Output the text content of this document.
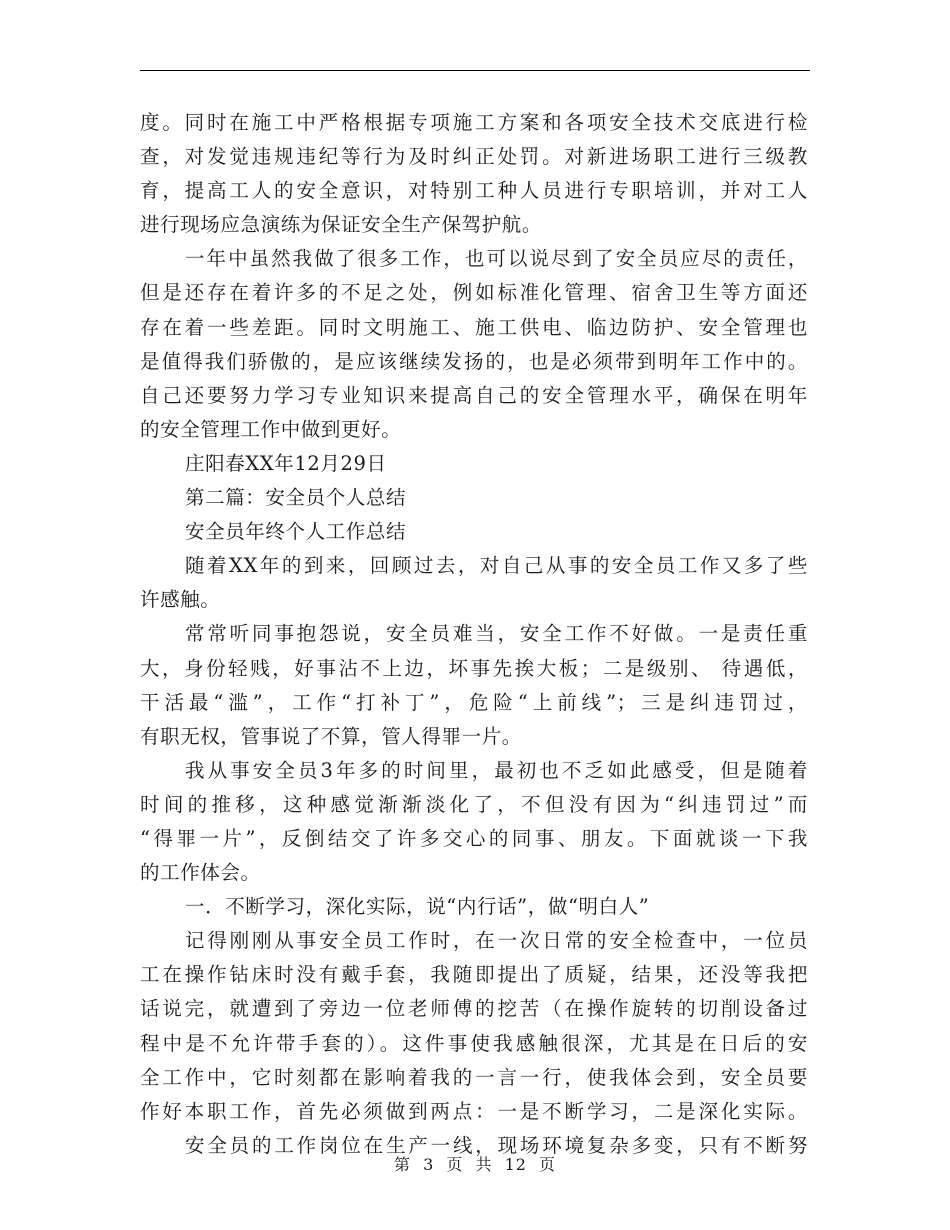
度。同时在施工中严格根据专项施工方案和各项安全技术交底进行检
查，对发觉违规违纪等行为及时纠正处罚。对新进场职工进行三级教
育，提高工人的安全意识，对特别工种人员进行专职培训，并对工人
进行现场应急演练为保证安全生产保驾护航。
一年中虽然我做了很多工作，也可以说尽到了安全员应尽的责任，
但是还存在着许多的不足之处，例如标准化管理、宿舍卫生等方面还
存在着一些差距。同时文明施工、施工供电、临边防护、安全管理也
是值得我们骄傲的，是应该继续发扬的，也是必须带到明年工作中的。
自己还要努力学习专业知识来提高自己的安全管理水平，确保在明年
的安全管理工作中做到更好。
庄阳春XX年12月29日
第二篇：安全员个人总结
安全员年终个人工作总结
随着XX年的到来，回顾过去，对自己从事的安全员工作又多了些
许感触。
常常听同事抱怨说，安全员难当，安全工作不好做。一是责任重
大，身份轻贱，好事沾不上边，坏事先挨大板；二是级别、 待遇低，
干活最“滥”，工作“打补丁”，危险“上前线”；三是纠违罚过，
有职无权，管事说了不算，管人得罪一片。
我从事安全员3年多的时间里，最初也不乏如此感受，但是随着
时间的推移，这种感觉渐渐淡化了，不但没有因为“纠违罚过”而
“得罪一片”，反倒结交了许多交心的同事、朋友。下面就谈一下我
的工作体会。
一．不断学习，深化实际，说“内行话”，做“明白人”
记得刚刚从事安全员工作时，在一次日常的安全检查中，一位员
工在操作钻床时没有戴手套，我随即提出了质疑，结果，还没等我把
话说完，就遭到了旁边一位老师傅的挖苦（在操作旋转的切削设备过
程中是不允许带手套的）。这件事使我感触很深，尤其是在日后的安
全工作中，它时刻都在影响着我的一言一行，使我体会到，安全员要
作好本职工作，首先必须做到两点：一是不断学习，二是深化实际。
安全员的工作岗位在生产一线，现场环境复杂多变，只有不断努
第 3 页 共 12 页
